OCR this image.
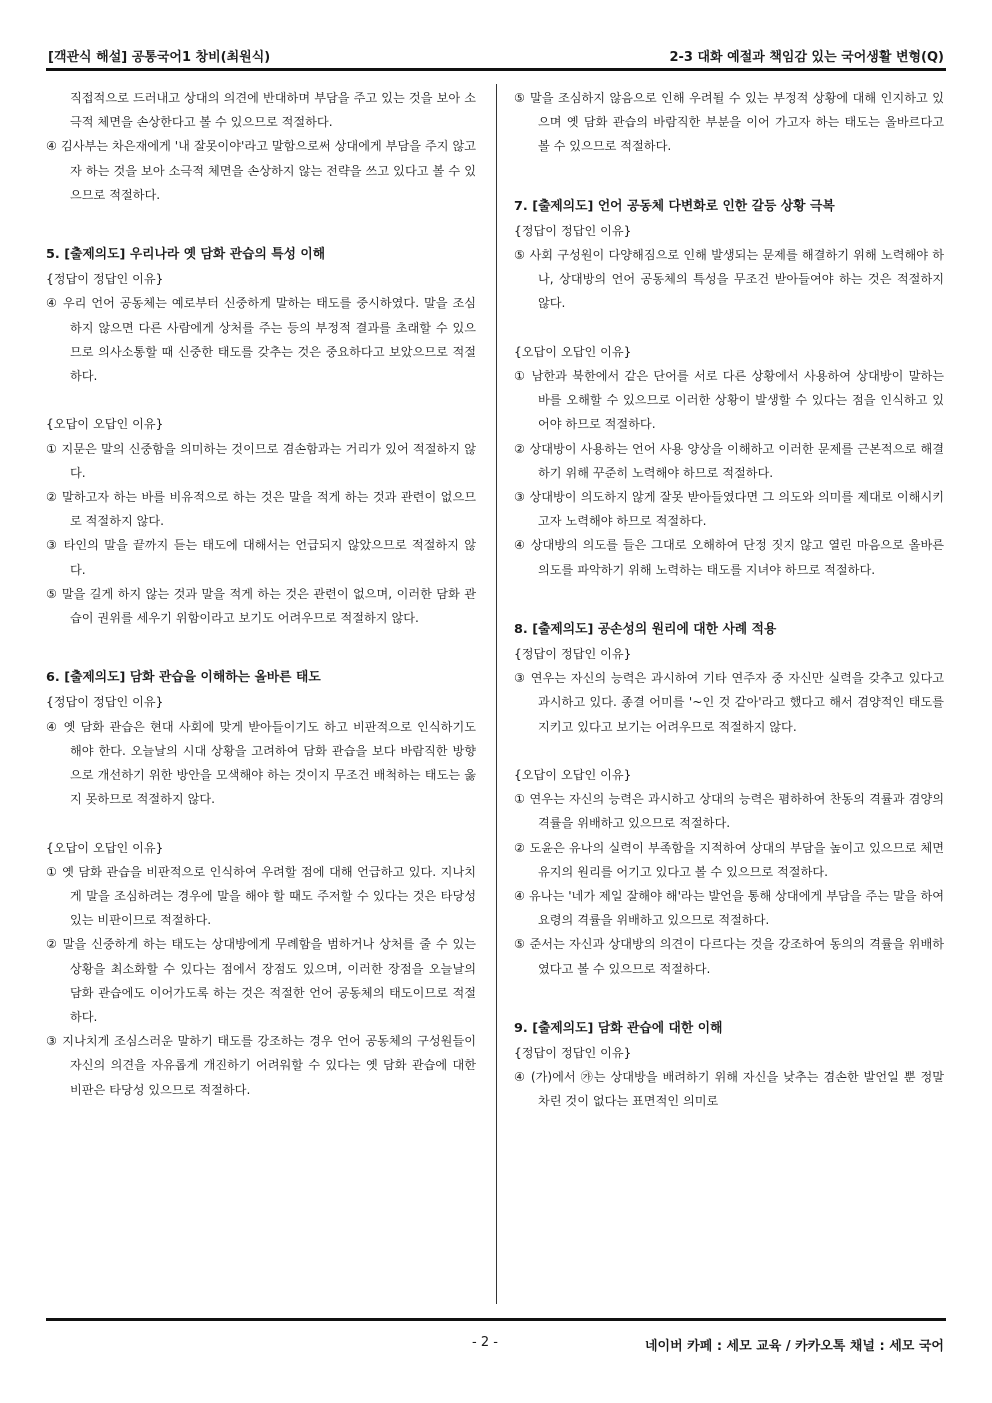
[객관식 해설] 공통국어1 창비(최원식)	2-3 대화 예절과 책임감 있는 국어생활 변형(Q)

직접적으로 드러내고 상대의 의견에 반대하며 부담을 주고 있는 것을 보아 소극적 체면을 손상한다고 볼 수 있으므로 적절하다.

④ 김사부는 차은재에게 '내 잘못이야'라고 말함으로써 상대에게 부담을 주지 않고자 하는 것을 보아 소극적 체면을 손상하지 않는 전략을 쓰고 있다고 볼 수 있으므로 적절하다.

5. [출제의도] 우리나라 옛 담화 관습의 특성 이해

{정답이 정답인 이유}

④ 우리 언어 공동체는 예로부터 신중하게 말하는 태도를 중시하였다. 말을 조심하지 않으면 다른 사람에게 상처를 주는 등의 부정적 결과를 초래할 수 있으므로 의사소통할 때 신중한 태도를 갖추는 것은 중요하다고 보았으므로 적절하다.

{오답이 오답인 이유}

① 지문은 말의 신중함을 의미하는 것이므로 겸손함과는 거리가 있어 적절하지 않다.

② 말하고자 하는 바를 비유적으로 하는 것은 말을 적게 하는 것과 관련이 없으므로 적절하지 않다.

③ 타인의 말을 끝까지 듣는 태도에 대해서는 언급되지 않았으므로 적절하지 않다.

⑤ 말을 길게 하지 않는 것과 말을 적게 하는 것은 관련이 없으며, 이러한 담화 관습이 권위를 세우기 위함이라고 보기도 어려우므로 적절하지 않다.

6. [출제의도] 담화 관습을 이해하는 올바른 태도

{정답이 정답인 이유}

④ 옛 담화 관습은 현대 사회에 맞게 받아들이기도 하고 비판적으로 인식하기도 해야 한다. 오늘날의 시대 상황을 고려하여 담화 관습을 보다 바람직한 방향으로 개선하기 위한 방안을 모색해야 하는 것이지 무조건 배척하는 태도는 옳지 못하므로 적절하지 않다.

{오답이 오답인 이유}

① 옛 담화 관습을 비판적으로 인식하여 우려할 점에 대해 언급하고 있다. 지나치게 말을 조심하려는 경우에 말을 해야 할 때도 주저할 수 있다는 것은 타당성 있는 비판이므로 적절하다.

② 말을 신중하게 하는 태도는 상대방에게 무례함을 범하거나 상처를 줄 수 있는 상황을 최소화할 수 있다는 점에서 장점도 있으며, 이러한 장점을 오늘날의 담화 관습에도 이어가도록 하는 것은 적절한 언어 공동체의 태도이므로 적절하다.

③ 지나치게 조심스러운 말하기 태도를 강조하는 경우 언어 공동체의 구성원들이 자신의 의견을 자유롭게 개진하기 어려워할 수 있다는 옛 담화 관습에 대한 비판은 타당성 있으므로 적절하다.

⑤ 말을 조심하지 않음으로 인해 우려될 수 있는 부정적 상황에 대해 인지하고 있으며 옛 담화 관습의 바람직한 부분을 이어 가고자 하는 태도는 올바르다고 볼 수 있으므로 적절하다.

7. [출제의도] 언어 공동체 다변화로 인한 갈등 상황 극복

{정답이 정답인 이유}

⑤ 사회 구성원이 다양해짐으로 인해 발생되는 문제를 해결하기 위해 노력해야 하나, 상대방의 언어 공동체의 특성을 무조건 받아들여야 하는 것은 적절하지 않다.

{오답이 오답인 이유}

① 남한과 북한에서 같은 단어를 서로 다른 상황에서 사용하여 상대방이 말하는 바를 오해할 수 있으므로 이러한 상황이 발생할 수 있다는 점을 인식하고 있어야 하므로 적절하다.

② 상대방이 사용하는 언어 사용 양상을 이해하고 이러한 문제를 근본적으로 해결하기 위해 꾸준히 노력해야 하므로 적절하다.

③ 상대방이 의도하지 않게 잘못 받아들였다면 그 의도와 의미를 제대로 이해시키고자 노력해야 하므로 적절하다.

④ 상대방의 의도를 들은 그대로 오해하여 단정 짓지 않고 열린 마음으로 올바른 의도를 파악하기 위해 노력하는 태도를 지녀야 하므로 적절하다.

8. [출제의도] 공손성의 원리에 대한 사례 적용

{정답이 정답인 이유}

③ 연우는 자신의 능력은 과시하여 기타 연주자 중 자신만 실력을 갖추고 있다고 과시하고 있다. 종결 어미를 '~인 것 같아'라고 했다고 해서 겸양적인 태도를 지키고 있다고 보기는 어려우므로 적절하지 않다.

{오답이 오답인 이유}

① 연우는 자신의 능력은 과시하고 상대의 능력은 폄하하여 찬동의 격률과 겸양의 격률을 위배하고 있으므로 적절하다.

② 도윤은 유나의 실력이 부족함을 지적하여 상대의 부담을 높이고 있으므로 체면 유지의 원리를 어기고 있다고 볼 수 있으므로 적절하다.

④ 유나는 '네가 제일 잘해야 해'라는 발언을 통해 상대에게 부담을 주는 말을 하여 요령의 격률을 위배하고 있으므로 적절하다.

⑤ 준서는 자신과 상대방의 의견이 다르다는 것을 강조하여 동의의 격률을 위배하였다고 볼 수 있으므로 적절하다.

9. [출제의도] 담화 관습에 대한 이해

{정답이 정답인 이유}

④ (가)에서 ㉮는 상대방을 배려하기 위해 자신을 낮추는 겸손한 발언일 뿐 정말 차린 것이 없다는 표면적인 의미로

- 2 -	네이버 카페 : 세모 교육 / 카카오톡 채널 : 세모 국어
